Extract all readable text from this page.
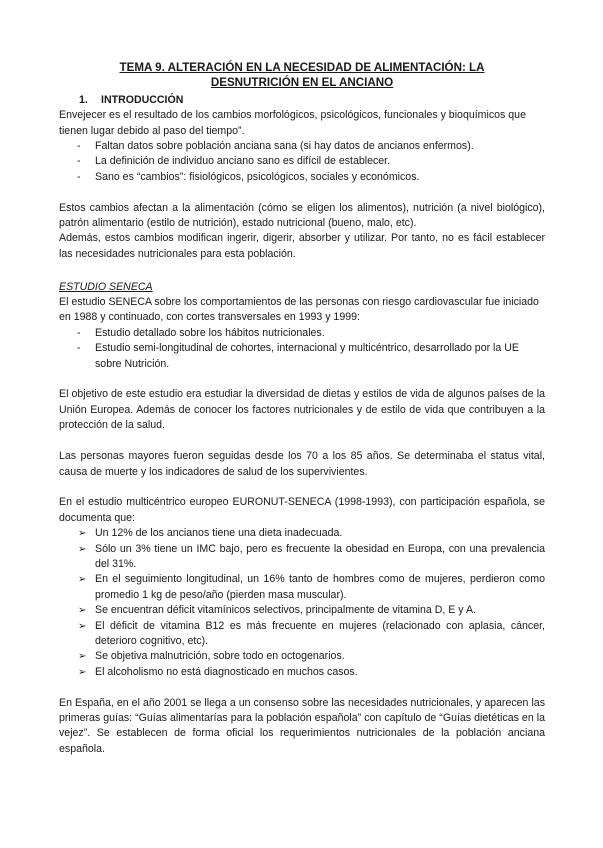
TEMA 9. ALTERACIÓN EN LA NECESIDAD DE ALIMENTACIÓN: LA
DESNUTRICIÓN EN EL ANCIANO
1. INTRODUCCIÓN

Envejecer es el resultado de los cambios morfológicos, psicológicos, funcionales y bioquímicos que tienen lugar debido al paso del tiempo”.

- Faltan datos sobre población anciana sana (si hay datos de ancianos enfermos).
- La definición de individuo anciano sano es difícil de establecer.
- Sano es “cambios”: fisiológicos, psicológicos, sociales y económicos.

Estos cambios afectan a la alimentación (cómo se eligen los alimentos), nutrición (a nivel biológico), patrón alimentario (estilo de nutrición), estado nutricional (bueno, malo, etc).

Además, estos cambios modifican ingerir, digerir, absorber y utilizar. Por tanto, no es fácil establecer las necesidades nutricionales para esta población.

ESTUDIO SENECA

El estudio SENECA sobre los comportamientos de las personas con riesgo cardiovascular fue iniciado en 1988 y continuado, con cortes transversales en 1993 y 1999:

- Estudio detallado sobre los hábitos nutricionales.
- Estudio semi-longitudinal de cohortes, internacional y multicéntrico, desarrollado por la UE sobre Nutrición.

El objetivo de este estudio era estudiar la diversidad de dietas y estilos de vida de algunos países de la Unión Europea. Además de conocer los factores nutricionales y de estilo de vida que contribuyen a la protección de la salud.

Las personas mayores fueron seguidas desde los 70 a los 85 años. Se determinaba el status vital, causa de muerte y los indicadores de salud de los supervivientes.

En el estudio multicéntrico europeo EURONUT-SENECA (1998-1993), con participación española, se documenta que:

➢ Un 12% de los ancianos tiene una dieta inadecuada.
➢ Sólo un 3% tiene un IMC bajo, pero es frecuente la obesidad en Europa, con una prevalencia del 31%.
➢ En el seguimiento longitudinal, un 16% tanto de hombres como de mujeres, perdieron como promedio 1 kg de peso/año (pierden masa muscular).
➢ Se encuentran déficit vitamínicos selectivos, principalmente de vitamina D, E y A.
➢ El déficit de vitamina B12 es más frecuente en mujeres (relacionado con aplasia, cáncer, deterioro cognitivo, etc).
➢ Se objetiva malnutrición, sobre todo en octogenarios.
➢ El alcoholismo no está diagnosticado en muchos casos.

En España, en el año 2001 se llega a un consenso sobre las necesidades nutricionales, y aparecen las primeras guías: “Guías alimentarías para la población española” con capítulo de “Guías dietéticas en la vejez”. Se establecen de forma oficial los requerimientos nutricionales de la población anciana española.
